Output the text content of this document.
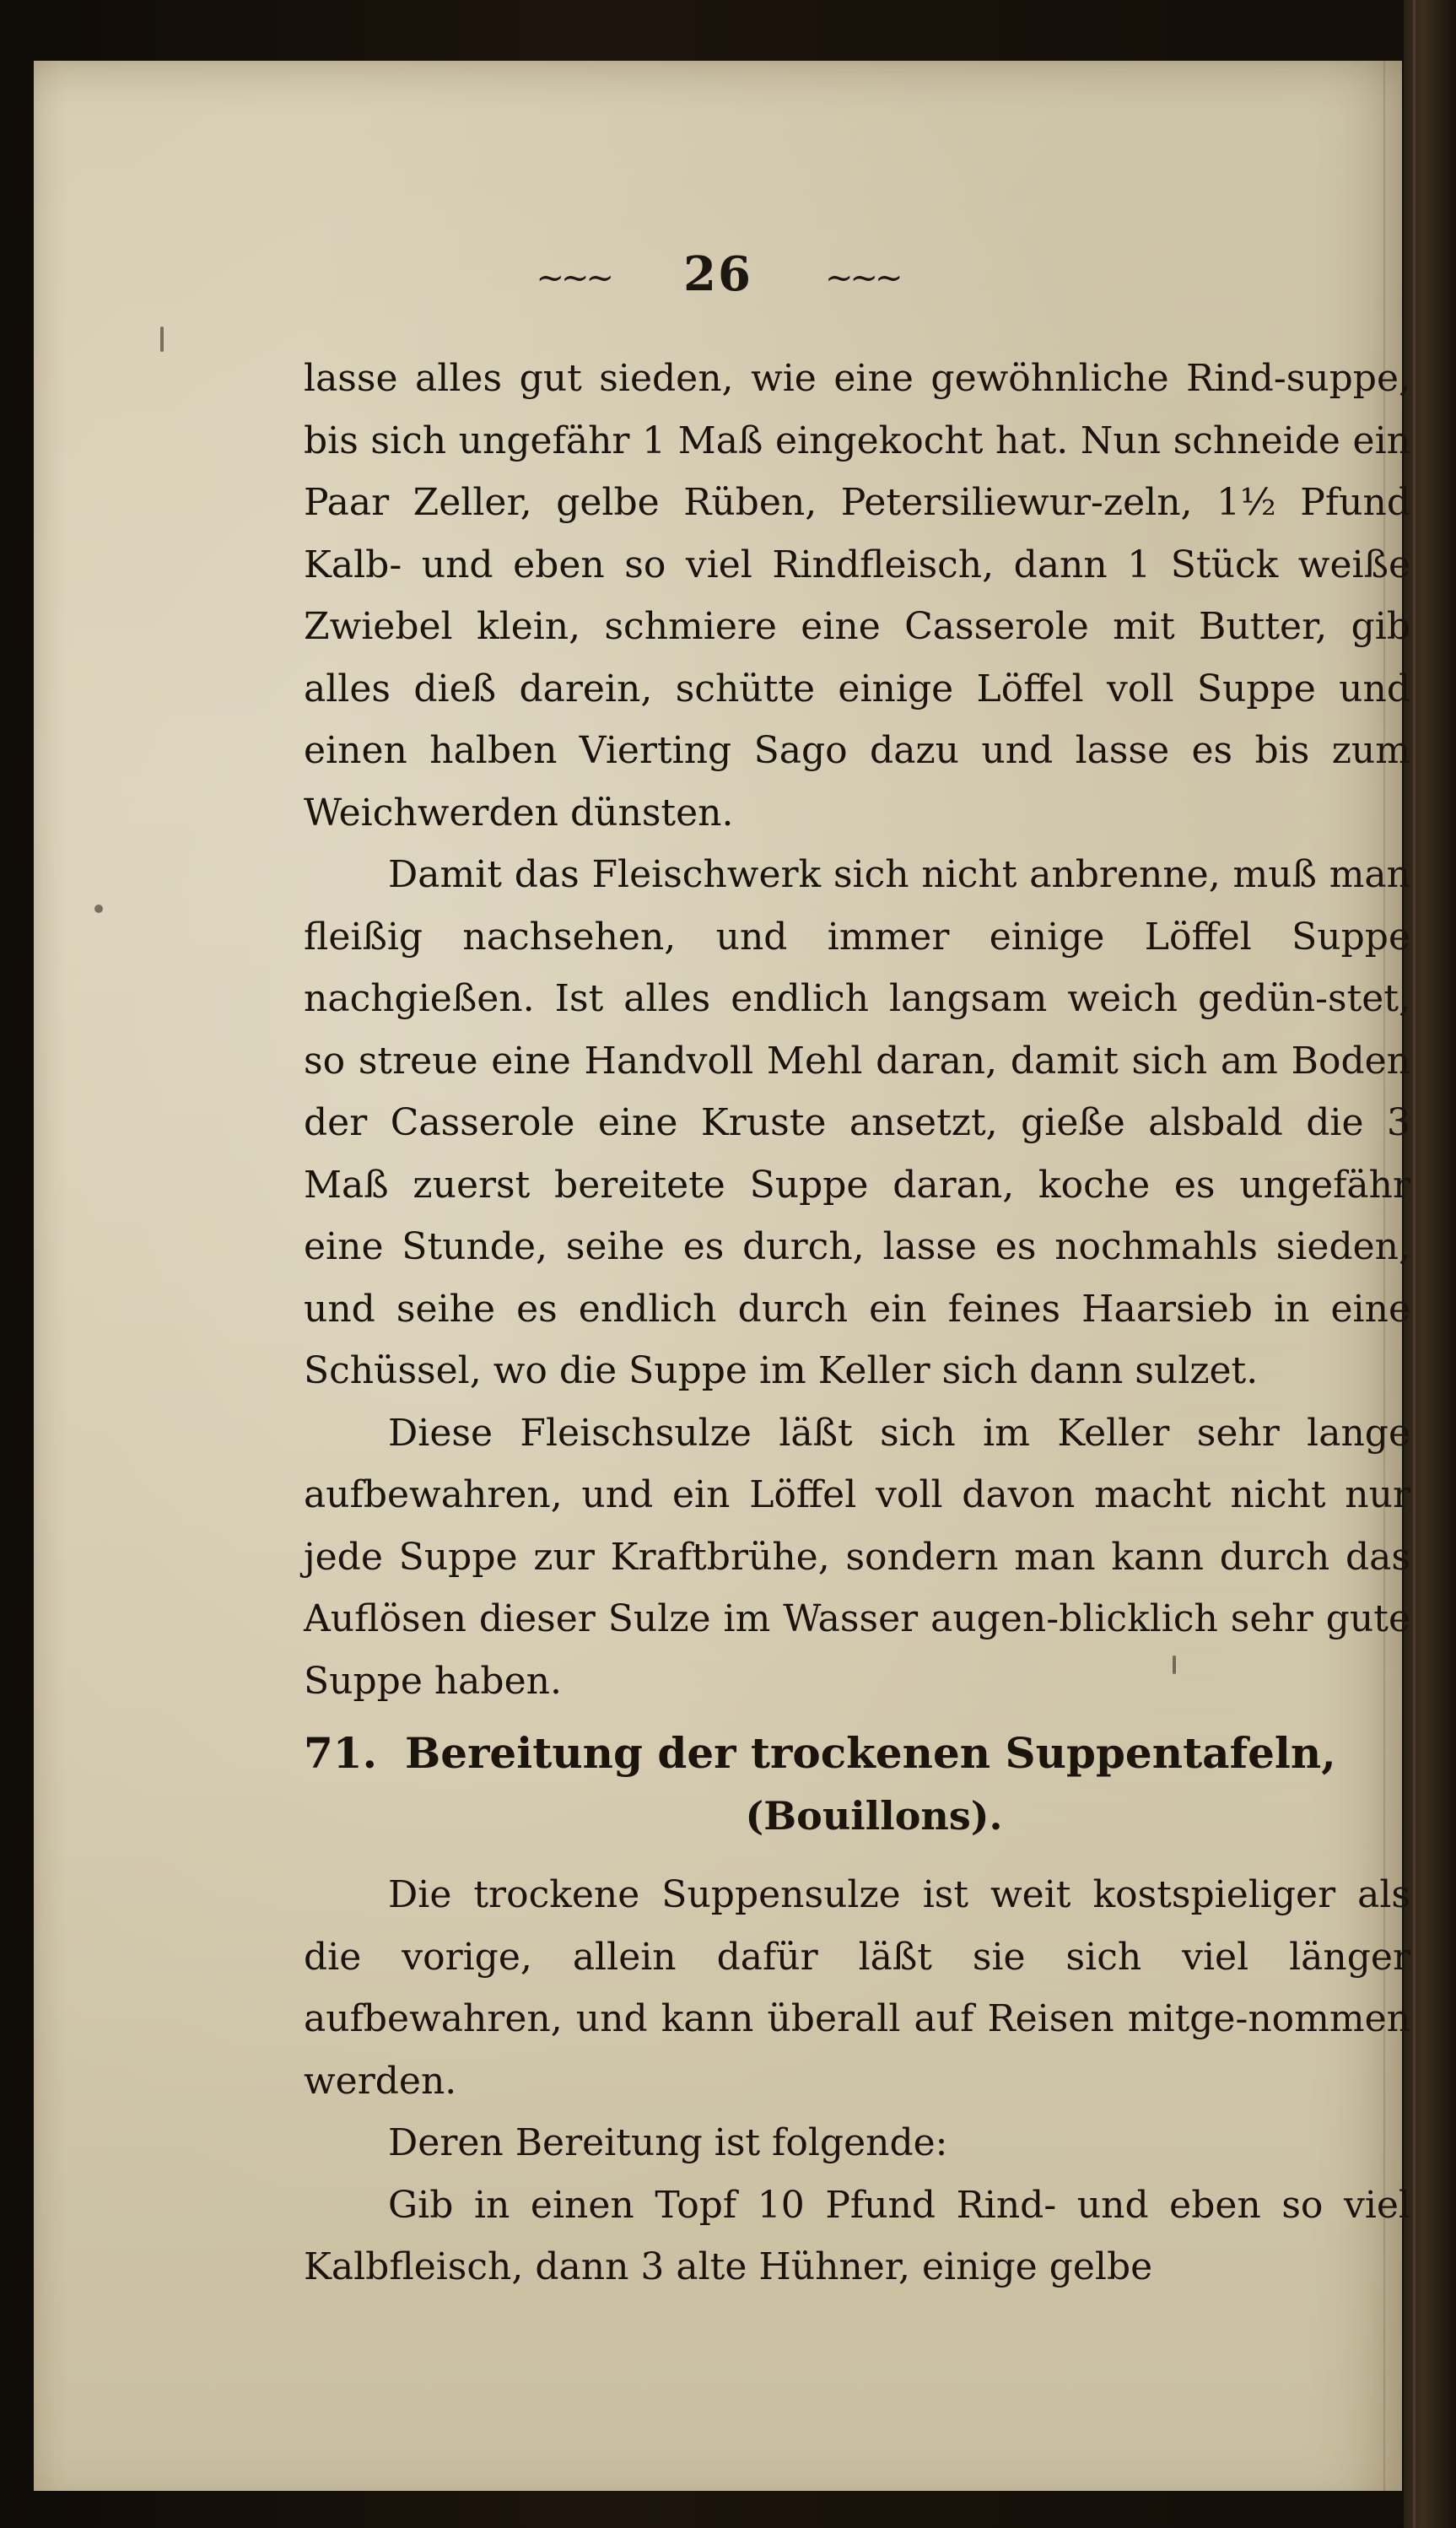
~~~ 26 ~~~

lasse alles gut sieden, wie eine gewöhnliche Rind-suppe, bis sich ungefähr 1 Maß eingekocht hat. Nun schneide ein Paar Zeller, gelbe Rüben, Petersiliewur-zeln, 1½ Pfund Kalb- und eben so viel Rindfleisch, dann 1 Stück weiße Zwiebel klein, schmiere eine Casserole mit Butter, gib alles dieß darein, schütte einige Löffel voll Suppe und einen halben Vierting Sago dazu und lasse es bis zum Weichwerden dünsten.

Damit das Fleischwerk sich nicht anbrenne, muß man fleißig nachsehen, und immer einige Löffel Suppe nachgießen. Ist alles endlich langsam weich gedün-stet, so streue eine Handvoll Mehl daran, damit sich am Boden der Casserole eine Kruste ansetzt, gieße alsbald die 3 Maß zuerst bereitete Suppe daran, koche es ungefähr eine Stunde, seihe es durch, lasse es nochmahls sieden, und seihe es endlich durch ein feines Haarsieb in eine Schüssel, wo die Suppe im Keller sich dann sulzet.

Diese Fleischsulze läßt sich im Keller sehr lange aufbewahren, und ein Löffel voll davon macht nicht nur jede Suppe zur Kraftbrühe, sondern man kann durch das Auflösen dieser Sulze im Wasser augen-blicklich sehr gute Suppe haben.

71. Bereitung der trockenen Suppentafeln,
(Bouillons).

Die trockene Suppensulze ist weit kostspieliger als die vorige, allein dafür läßt sie sich viel länger aufbewahren, und kann überall auf Reisen mitge-nommen werden.

Deren Bereitung ist folgende:

Gib in einen Topf 10 Pfund Rind- und eben so viel Kalbfleisch, dann 3 alte Hühner, einige gelbe
